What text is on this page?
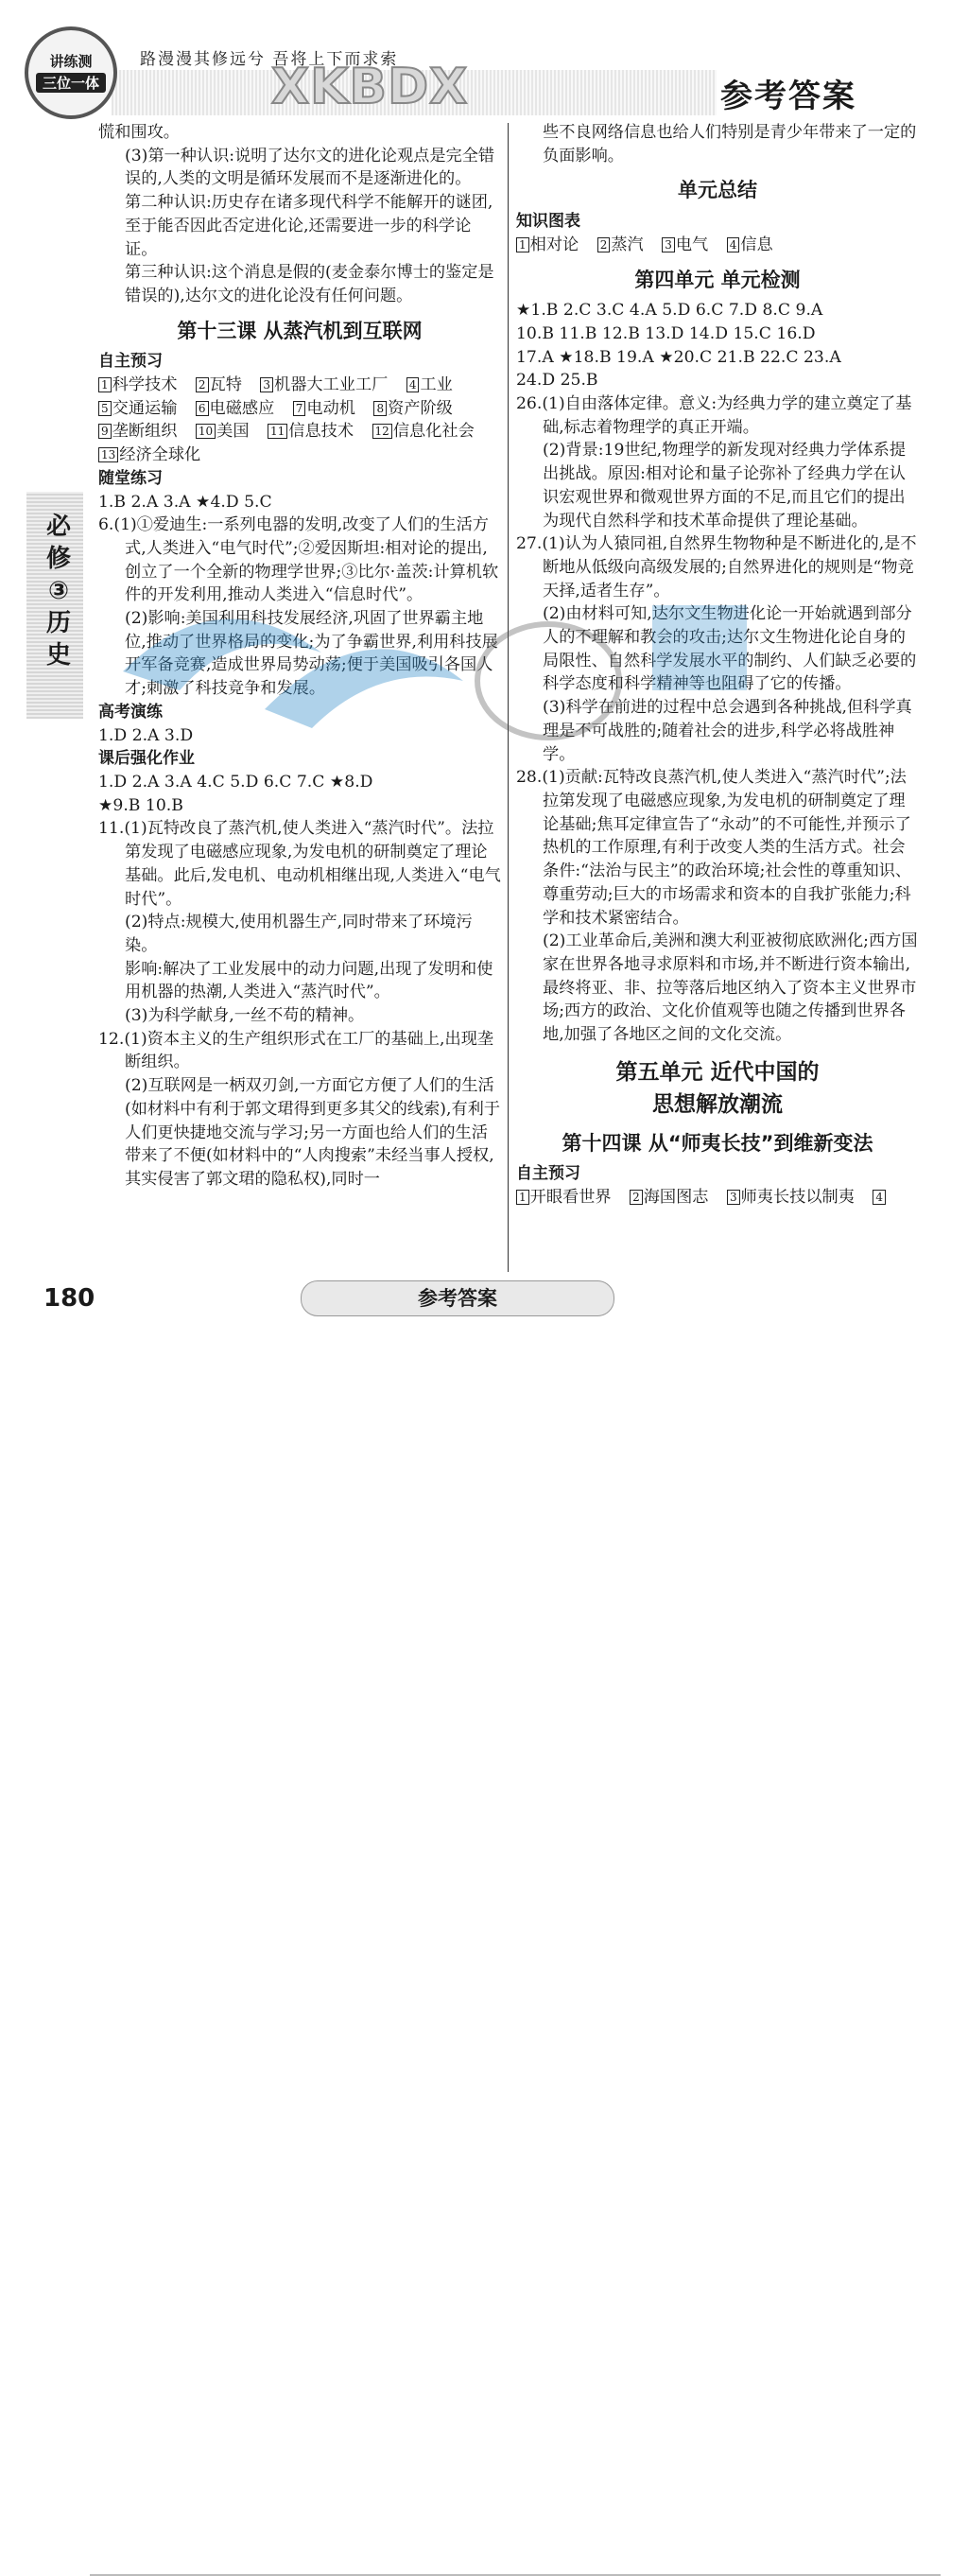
讲练测
三位一体
路漫漫其修远兮 吾将上下而求索
XKBDX	参考答案
必修③历史

慌和围攻。

(3)第一种认识:说明了达尔文的进化论观点是完全错误的,人类的文明是循环发展而不是逐渐进化的。

第二种认识:历史存在诸多现代科学不能解开的谜团,至于能否因此否定进化论,还需要进一步的科学论证。

第三种认识:这个消息是假的(麦金泰尔博士的鉴定是错误的),达尔文的进化论没有任何问题。

第十三课 从蒸汽机到互联网

自主预习

1 科学技术 2 瓦特 3 机器大工业工厂 4 工业

5 交通运输 6 电磁感应 7 电动机 8 资产阶级

9 垄断组织 10 美国 11 信息技术 12 信息化社会

13 经济全球化

随堂练习

1.B 2.A 3.A ★4.D 5.C

6.(1)①爱迪生:一系列电器的发明,改变了人们的生活方式,人类进入“电气时代”;②爱因斯坦:相对论的提出,创立了一个全新的物理学世界;③比尔·盖茨:计算机软件的开发利用,推动人类进入“信息时代”。

(2)影响:美国利用科技发展经济,巩固了世界霸主地位,推动了世界格局的变化;为了争霸世界,利用科技展开军备竞赛,造成世界局势动荡;便于美国吸引各国人才;刺激了科技竞争和发展。

高考演练

1.D 2.A 3.D

课后强化作业

1.D 2.A 3.A 4.C 5.D 6.C 7.C ★8.D

★9.B 10.B

11.(1)瓦特改良了蒸汽机,使人类进入“蒸汽时代”。法拉第发现了电磁感应现象,为发电机的研制奠定了理论基础。此后,发电机、电动机相继出现,人类进入“电气时代”。

(2)特点:规模大,使用机器生产,同时带来了环境污染。

影响:解决了工业发展中的动力问题,出现了发明和使用机器的热潮,人类进入“蒸汽时代”。

(3)为科学献身,一丝不苟的精神。

12.(1)资本主义的生产组织形式在工厂的基础上,出现垄断组织。

(2)互联网是一柄双刃剑,一方面它方便了人们的生活(如材料中有利于郭文珺得到更多其父的线索),有利于人们更快捷地交流与学习;另一方面也给人们的生活带来了不便(如材料中的“人肉搜索”未经当事人授权,其实侵害了郭文珺的隐私权),同时一

些不良网络信息也给人们特别是青少年带来了一定的负面影响。

单元总结

知识图表

1 相对论 2 蒸汽 3 电气 4 信息

第四单元 单元检测

★1.B 2.C 3.C 4.A 5.D 6.C 7.D 8.C 9.A

10.B 11.B 12.B 13.D 14.D 15.C 16.D

17.A ★18.B 19.A ★20.C 21.B 22.C 23.A

24.D 25.B

26.(1)自由落体定律。意义:为经典力学的建立奠定了基础,标志着物理学的真正开端。

(2)背景:19世纪,物理学的新发现对经典力学体系提出挑战。原因:相对论和量子论弥补了经典力学在认识宏观世界和微观世界方面的不足,而且它们的提出为现代自然科学和技术革命提供了理论基础。

27.(1)认为人猿同祖,自然界生物物种是不断进化的,是不断地从低级向高级发展的;自然界进化的规则是“物竞天择,适者生存”。

(2)由材料可知,达尔文生物进化论一开始就遇到部分人的不理解和教会的攻击;达尔文生物进化论自身的局限性、自然科学发展水平的制约、人们缺乏必要的科学态度和科学精神等也阻碍了它的传播。

(3)科学在前进的过程中总会遇到各种挑战,但科学真理是不可战胜的;随着社会的进步,科学必将战胜神学。

28.(1)贡献:瓦特改良蒸汽机,使人类进入“蒸汽时代”;法拉第发现了电磁感应现象,为发电机的研制奠定了理论基础;焦耳定律宣告了“永动”的不可能性,并预示了热机的工作原理,有利于改变人类的生活方式。社会条件:“法治与民主”的政治环境;社会性的尊重知识、尊重劳动;巨大的市场需求和资本的自我扩张能力;科学和技术紧密结合。

(2)工业革命后,美洲和澳大利亚被彻底欧洲化;西方国家在世界各地寻求原料和市场,并不断进行资本输出,最终将亚、非、拉等落后地区纳入了资本主义世界市场;西方的政治、文化价值观等也随之传播到世界各地,加强了各地区之间的文化交流。

第五单元 近代中国的
思想解放潮流
第十四课 从“师夷长技”到维新变法

自主预习

1 开眼看世界 2 海国图志 3 师夷长技以制夷 4

180	参考答案
